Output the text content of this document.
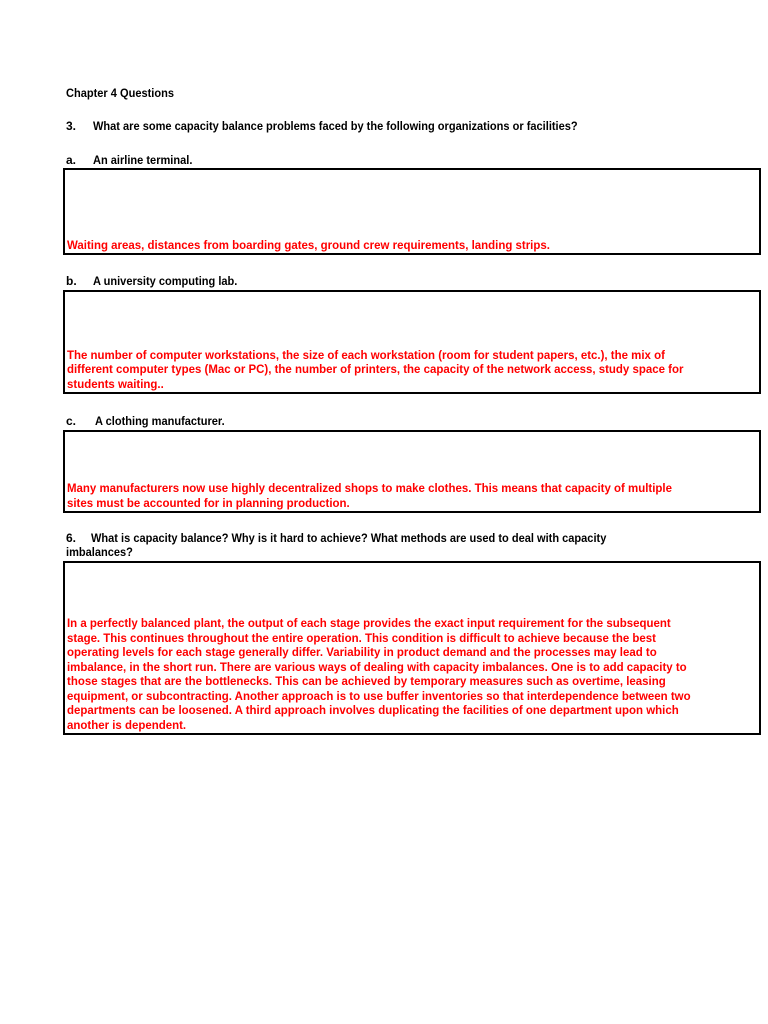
Chapter 4 Questions
3. What are some capacity balance problems faced by the following organizations or facilities?
a. An airline terminal.
Waiting areas, distances from boarding gates, ground crew requirements, landing strips.
b. A university computing lab.
The number of computer workstations, the size of each workstation (room for student papers, etc.), the mix of
different computer types (Mac or PC), the number of printers, the capacity of the network access, study space for
students waiting..
c. A clothing manufacturer.
Many manufacturers now use highly decentralized shops to make clothes. This means that capacity of multiple
sites must be accounted for in planning production.
6. What is capacity balance? Why is it hard to achieve? What methods are used to deal with capacity
imbalances?
In a perfectly balanced plant, the output of each stage provides the exact input requirement for the subsequent
stage. This continues throughout the entire operation. This condition is difficult to achieve because the best
operating levels for each stage generally differ. Variability in product demand and the processes may lead to
imbalance, in the short run. There are various ways of dealing with capacity imbalances. One is to add capacity to
those stages that are the bottlenecks. This can be achieved by temporary measures such as overtime, leasing
equipment, or subcontracting. Another approach is to use buffer inventories so that interdependence between two
departments can be loosened. A third approach involves duplicating the facilities of one department upon which
another is dependent.
